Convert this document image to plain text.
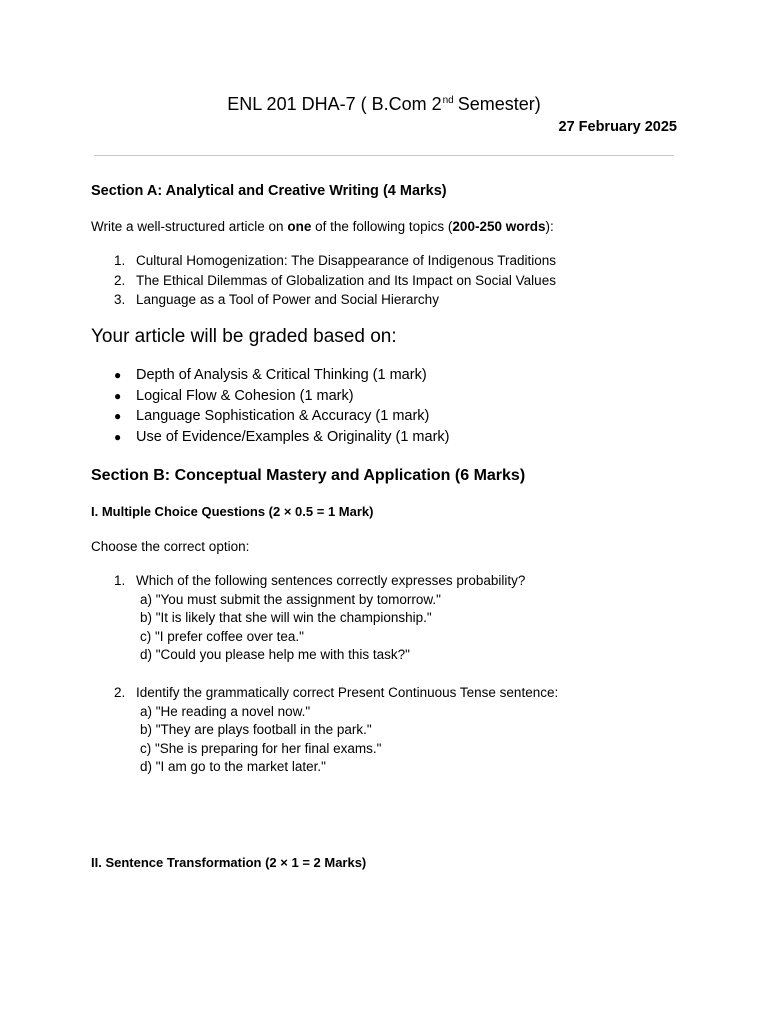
ENL 201 DHA-7 ( B.Com 2nd Semester)
27 February 2025
Section A: Analytical and Creative Writing (4 Marks)
Write a well-structured article on one of the following topics (200-250 words):
1. Cultural Homogenization: The Disappearance of Indigenous Traditions
2. The Ethical Dilemmas of Globalization and Its Impact on Social Values
3. Language as a Tool of Power and Social Hierarchy
Your article will be graded based on:
● Depth of Analysis & Critical Thinking (1 mark)
● Logical Flow & Cohesion (1 mark)
● Language Sophistication & Accuracy (1 mark)
● Use of Evidence/Examples & Originality (1 mark)
Section B: Conceptual Mastery and Application (6 Marks)
I. Multiple Choice Questions (2 × 0.5 = 1 Mark)
Choose the correct option:
1. Which of the following sentences correctly expresses probability?
a) "You must submit the assignment by tomorrow."
b) "It is likely that she will win the championship."
c) "I prefer coffee over tea."
d) "Could you please help me with this task?"
2. Identify the grammatically correct Present Continuous Tense sentence:
a) "He reading a novel now."
b) "They are plays football in the park."
c) "She is preparing for her final exams."
d) "I am go to the market later."
II. Sentence Transformation (2 × 1 = 2 Marks)
